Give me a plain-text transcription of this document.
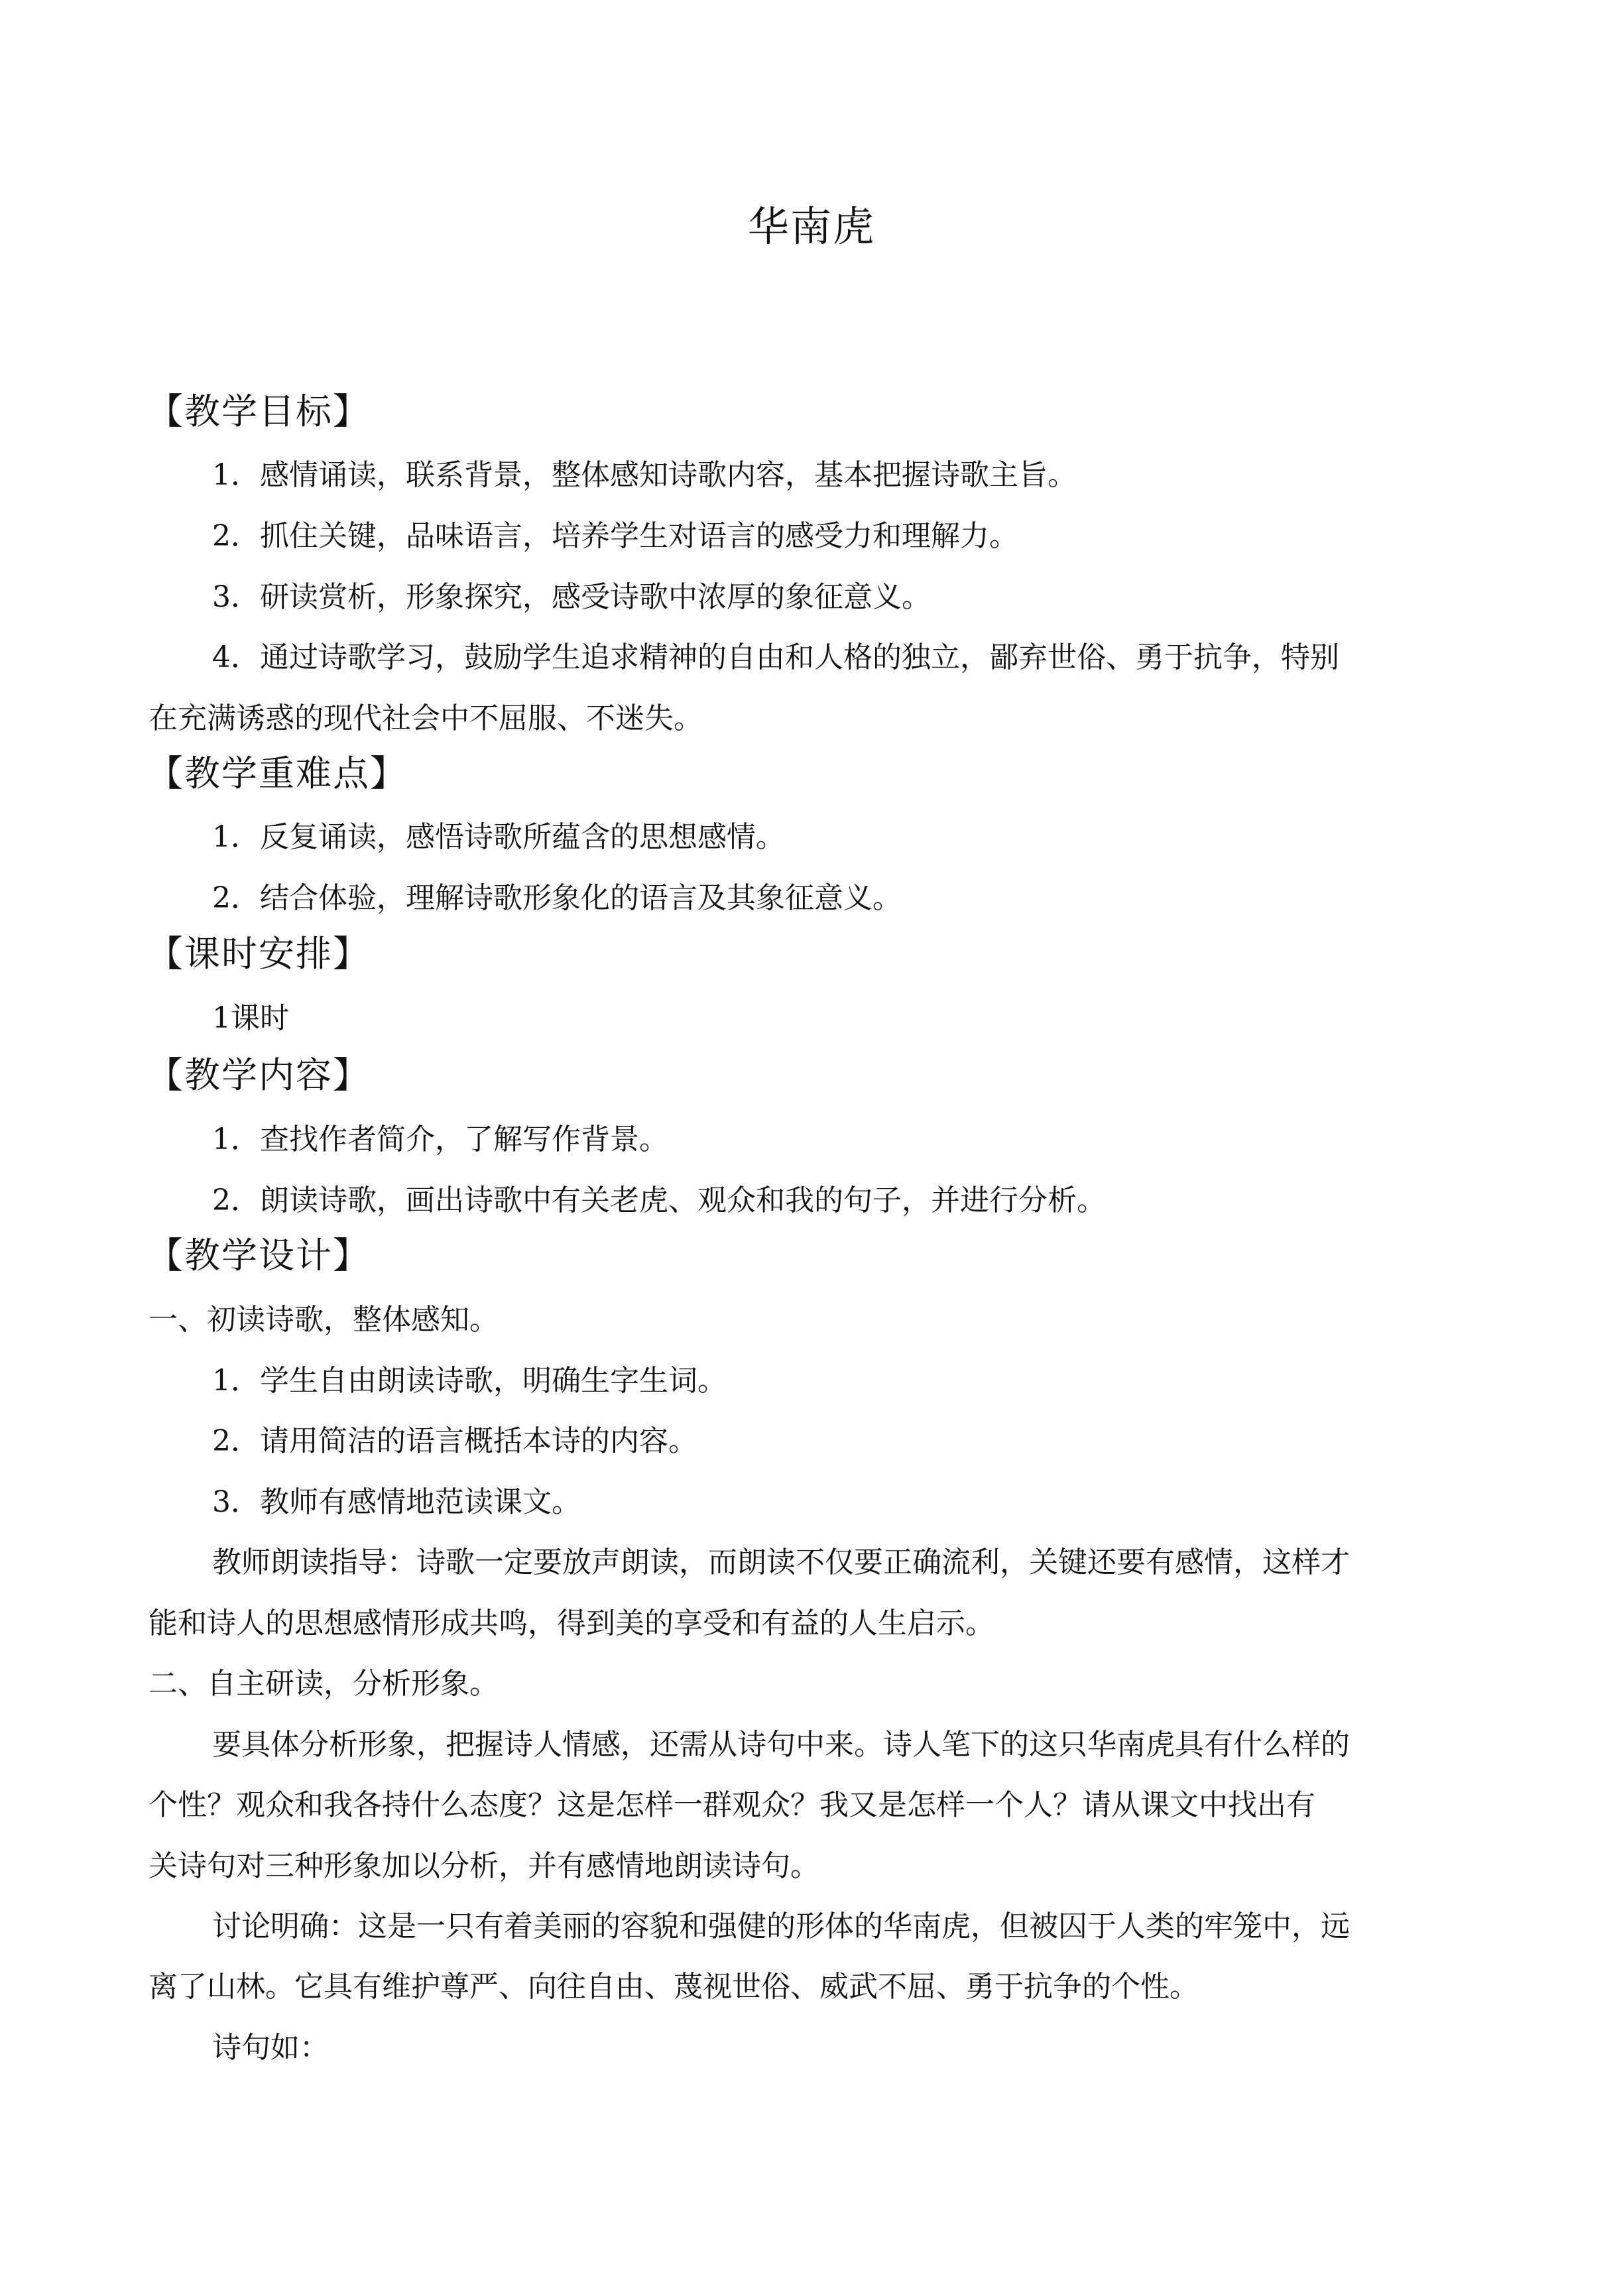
华南虎
【教学目标】
1．感情诵读，联系背景，整体感知诗歌内容，基本把握诗歌主旨。
2．抓住关键，品味语言，培养学生对语言的感受力和理解力。
3．研读赏析，形象探究，感受诗歌中浓厚的象征意义。
4．通过诗歌学习，鼓励学生追求精神的自由和人格的独立，鄙弃世俗、勇于抗争，特别
在充满诱惑的现代社会中不屈服、不迷失。
【教学重难点】
1．反复诵读，感悟诗歌所蕴含的思想感情。
2．结合体验，理解诗歌形象化的语言及其象征意义。
【课时安排】
1课时
【教学内容】
1．查找作者简介，了解写作背景。
2．朗读诗歌，画出诗歌中有关老虎、观众和我的句子，并进行分析。
【教学设计】
一、初读诗歌，整体感知。
1．学生自由朗读诗歌，明确生字生词。
2．请用简洁的语言概括本诗的内容。
3．教师有感情地范读课文。
教师朗读指导：诗歌一定要放声朗读，而朗读不仅要正确流利，关键还要有感情，这样才
能和诗人的思想感情形成共鸣，得到美的享受和有益的人生启示。
二、自主研读，分析形象。
要具体分析形象，把握诗人情感，还需从诗句中来。诗人笔下的这只华南虎具有什么样的
个性？观众和我各持什么态度？这是怎样一群观众？我又是怎样一个人？请从课文中找出有
关诗句对三种形象加以分析，并有感情地朗读诗句。
讨论明确：这是一只有着美丽的容貌和强健的形体的华南虎，但被囚于人类的牢笼中，远
离了山林。它具有维护尊严、向往自由、蔑视世俗、威武不屈、勇于抗争的个性。
诗句如：
